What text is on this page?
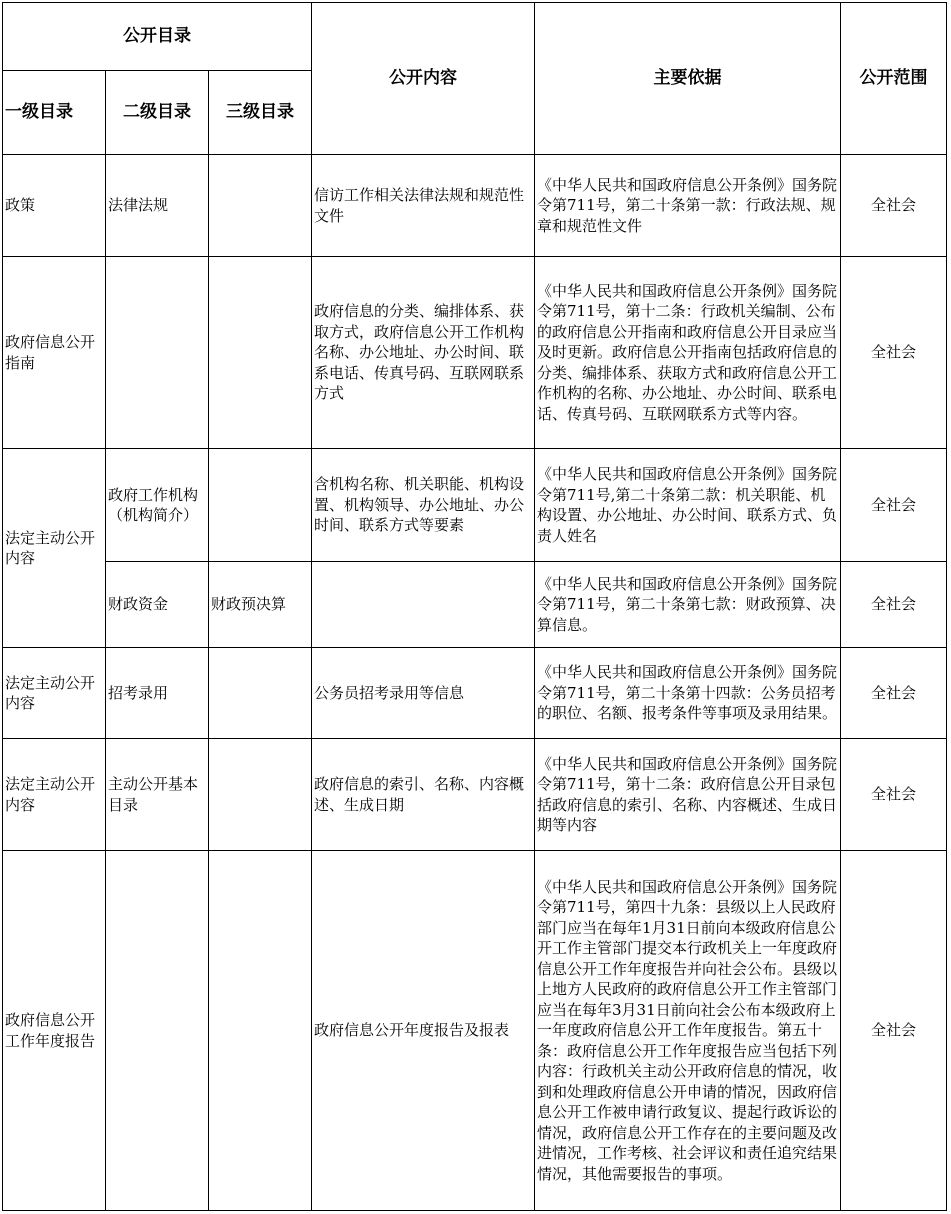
公开目录			公开内容	主要依据	公开范围
一级目录	二级目录	三级目录			
政策	法律法规		信访工作相关法律法规和规范性文件	《中华人民共和国政府信息公开条例》国务院令第711号，第二十条第一款：行政法规、规章和规范性文件	全社会
政府信息公开指南			政府信息的分类、编排体系、获取方式，政府信息公开工作机构名称、办公地址、办公时间、联系电话、传真号码、互联网联系方式	《中华人民共和国政府信息公开条例》国务院令第711号，第十二条：行政机关编制、公布的政府信息公开指南和政府信息公开目录应当及时更新。政府信息公开指南包括政府信息的分类、编排体系、获取方式和政府信息公开工作机构的名称、办公地址、办公时间、联系电话、传真号码、互联网联系方式等内容。	全社会
法定主动公开内容	政府工作机构（机构简介）		含机构名称、机关职能、机构设置、机构领导、办公地址、办公时间、联系方式等要素	《中华人民共和国政府信息公开条例》国务院令第711号,第二十条第二款：机关职能、机构设置、办公地址、办公时间、联系方式、负责人姓名	全社会
	财政资金	财政预决算		《中华人民共和国政府信息公开条例》国务院令第711号，第二十条第七款：财政预算、决算信息。	全社会
法定主动公开内容	招考录用		公务员招考录用等信息	《中华人民共和国政府信息公开条例》国务院令第711号，第二十条第十四款：公务员招考的职位、名额、报考条件等事项及录用结果。	全社会
法定主动公开内容	主动公开基本目录		政府信息的索引、名称、内容概述、生成日期	《中华人民共和国政府信息公开条例》国务院令第711号，第十二条：政府信息公开目录包括政府信息的索引、名称、内容概述、生成日期等内容	全社会
政府信息公开工作年度报告			政府信息公开年度报告及报表	《中华人民共和国政府信息公开条例》国务院令第711号，第四十九条：县级以上人民政府部门应当在每年1月31日前向本级政府信息公开工作主管部门提交本行政机关上一年度政府信息公开工作年度报告并向社会公布。县级以上地方人民政府的政府信息公开工作主管部门应当在每年3月31日前向社会公布本级政府上一年度政府信息公开工作年度报告。第五十条：政府信息公开工作年度报告应当包括下列内容：行政机关主动公开政府信息的情况，收到和处理政府信息公开申请的情况，因政府信息公开工作被申请行政复议、提起行政诉讼的情况，政府信息公开工作存在的主要问题及改进情况，工作考核、社会评议和责任追究结果情况，其他需要报告的事项。	全社会
